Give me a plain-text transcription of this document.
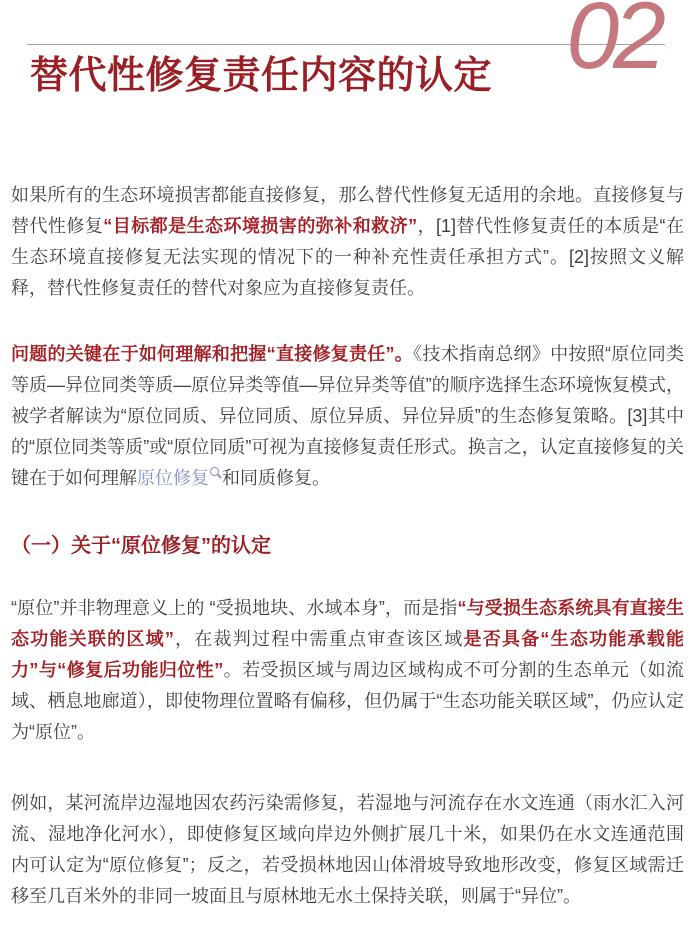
02
替代性修复责任内容的认定

如果所有的生态环境损害都能直接修复，那么替代性修复无适用的余地。直接修复与替代性修复“目标都是生态环境损害的弥补和救济”，[1]替代性修复责任的本质是“在生态环境直接修复无法实现的情况下的一种补充性责任承担方式”。[2]按照文义解释，替代性修复责任的替代对象应为直接修复责任。

问题的关键在于如何理解和把握“直接修复责任”。《技术指南总纲》中按照“原位同类等质—异位同类等质—原位异类等值—异位异类等值”的顺序选择生态环境恢复模式，被学者解读为“原位同质、异位同质、原位异质、异位异质”的生态修复策略。[3]其中的“原位同类等质”或“原位同质”可视为直接修复责任形式。换言之，认定直接修复的关键在于如何理解原位修复 和同质修复。

（一）关于“原位修复”的认定

“原位”并非物理意义上的 “受损地块、水域本身”，而是指“与受损生态系统具有直接生态功能关联的区域”，在裁判过程中需重点审查该区域是否具备“生态功能承载能力”与“修复后功能归位性”。若受损区域与周边区域构成不可分割的生态单元（如流域、栖息地廊道），即使物理位置略有偏移，但仍属于“生态功能关联区域”，仍应认定为“原位”。

例如，某河流岸边湿地因农药污染需修复，若湿地与河流存在水文连通（雨水汇入河流、湿地净化河水），即使修复区域向岸边外侧扩展几十米，如果仍在水文连通范围内可认定为“原位修复”；反之，若受损林地因山体滑坡导致地形改变，修复区域需迁移至几百米外的非同一坡面且与原林地无水土保持关联，则属于“异位”。
